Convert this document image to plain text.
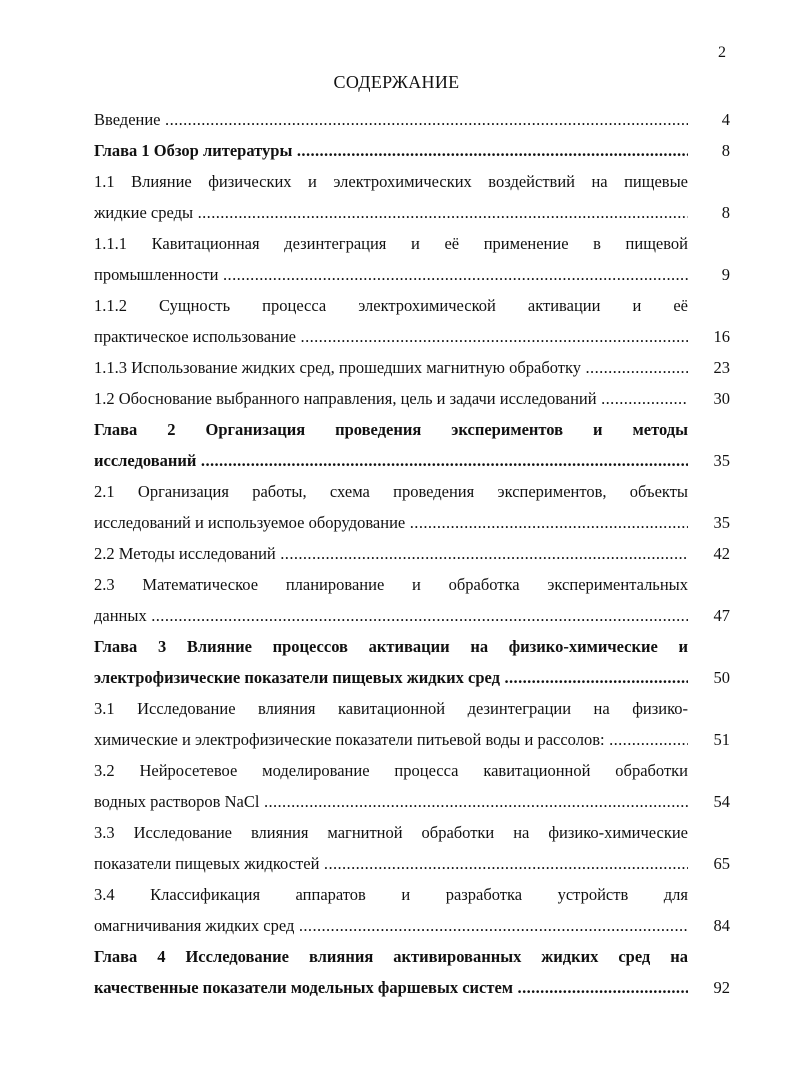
2
СОДЕРЖАНИЕ
Введение .....	4
Глава 1 Обзор литературы .....	8
1.1 Влияние физических и электрохимических воздействий на пищевые
жидкие среды .....	8
1.1.1 Кавитационная дезинтеграция и её применение в пищевой
промышленности .....	9
1.1.2 Сущность процесса электрохимической активации и её
практическое использование .....	16
1.1.3 Использование жидких сред, прошедших магнитную обработку .....	23
1.2 Обоснование выбранного направления, цель и задачи исследований .....	30
Глава 2 Организация проведения экспериментов и методы
исследований .....	35
2.1 Организация работы, схема проведения экспериментов, объекты
исследований и используемое оборудование .....	35
2.2 Методы исследований .....	42
2.3 Математическое планирование и обработка экспериментальных
данных .....	47
Глава 3 Влияние процессов активации на физико-химические и
электрофизические показатели пищевых жидких сред .....	50
3.1 Исследование влияния кавитационной дезинтеграции на физико-
химические и электрофизические показатели питьевой воды и рассолов: .....	51
3.2 Нейросетевое моделирование процесса кавитационной обработки
водных растворов NaCl .....	54
3.3 Исследование влияния магнитной обработки на физико-химические
показатели пищевых жидкостей .....	65
3.4 Классификация аппаратов и разработка устройств для
омагничивания жидких сред .....	84
Глава 4 Исследование влияния активированных жидких сред на
качественные показатели модельных фаршевых систем .....	92
